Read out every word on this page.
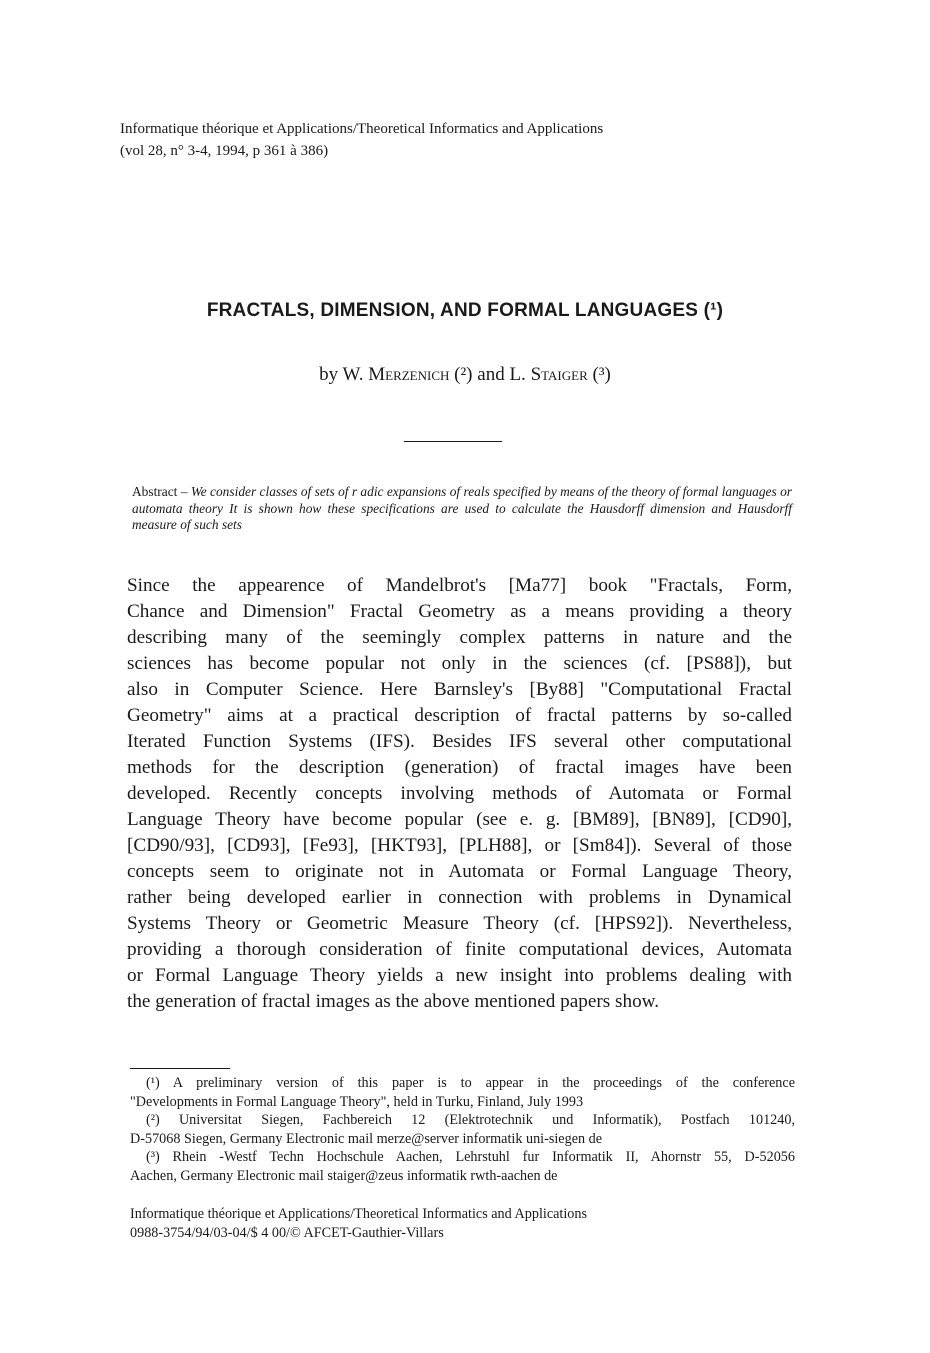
Informatique théorique et Applications/Theoretical Informatics and Applications
(vol 28, n° 3-4, 1994, p 361 à 386)
FRACTALS, DIMENSION, AND FORMAL LANGUAGES (¹)
by W. Merzenich (²) and L. Staiger (³)
Abstract – We consider classes of sets of r adic expansions of reals specified by means of the theory of formal languages or automata theory It is shown how these specifications are used to calculate the Hausdorff dimension and Hausdorff measure of such sets
Since the appearence of Mandelbrot's [Ma77] book "Fractals, Form,
Chance and Dimension" Fractal Geometry as a means providing a theory
describing many of the seemingly complex patterns in nature and the
sciences has become popular not only in the sciences (cf. [PS88]), but
also in Computer Science. Here Barnsley's [By88] "Computational Fractal
Geometry" aims at a practical description of fractal patterns by so-called
Iterated Function Systems (IFS). Besides IFS several other computational
methods for the description (generation) of fractal images have been
developed. Recently concepts involving methods of Automata or Formal
Language Theory have become popular (see e. g. [BM89], [BN89], [CD90],
[CD90/93], [CD93], [Fe93], [HKT93], [PLH88], or [Sm84]). Several of those
concepts seem to originate not in Automata or Formal Language Theory,
rather being developed earlier in connection with problems in Dynamical
Systems Theory or Geometric Measure Theory (cf. [HPS92]). Nevertheless,
providing a thorough consideration of finite computational devices, Automata
or Formal Language Theory yields a new insight into problems dealing with
the generation of fractal images as the above mentioned papers show.
(¹) A preliminary version of this paper is to appear in the proceedings of the conference
"Developments in Formal Language Theory", held in Turku, Finland, July 1993
(²) Universitat Siegen, Fachbereich 12 (Elektrotechnik und Informatik), Postfach 101240,
D-57068 Siegen, Germany Electronic mail merze@server informatik uni-siegen de
(³) Rhein -Westf Techn Hochschule Aachen, Lehrstuhl fur Informatik II, Ahornstr 55, D-52056
Aachen, Germany Electronic mail staiger@zeus informatik rwth-aachen de
Informatique théorique et Applications/Theoretical Informatics and Applications
0988-3754/94/03-04/$ 4 00/© AFCET-Gauthier-Villars
